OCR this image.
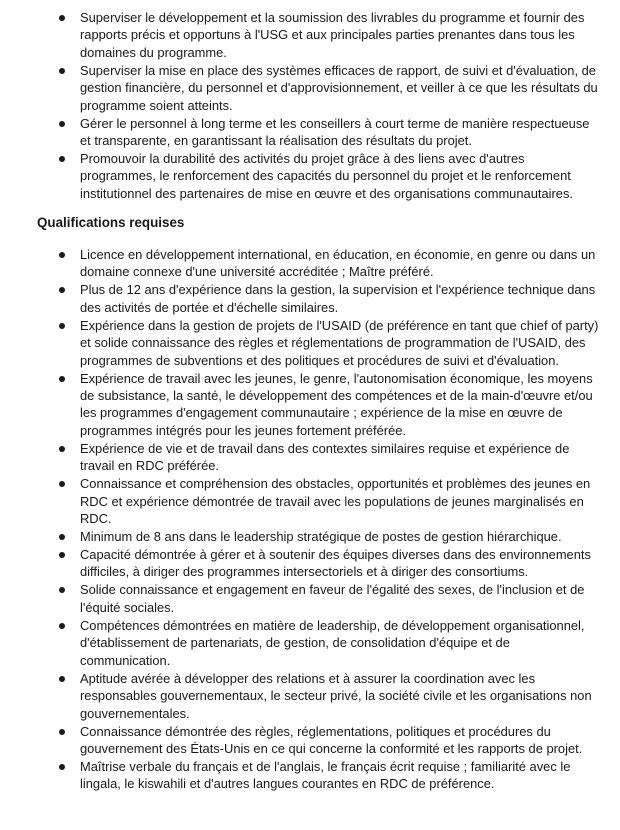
Superviser le développement et la soumission des livrables du programme et fournir des rapports précis et opportuns à l'USG et aux principales parties prenantes dans tous les domaines du programme.
Superviser la mise en place des systèmes efficaces de rapport, de suivi et d'évaluation, de gestion financière, du personnel et d'approvisionnement, et veiller à ce que les résultats du programme soient atteints.
Gérer le personnel à long terme et les conseillers à court terme de manière respectueuse et transparente, en garantissant la réalisation des résultats du projet.
Promouvoir la durabilité des activités du projet grâce à des liens avec d'autres programmes, le renforcement des capacités du personnel du projet et le renforcement institutionnel des partenaires de mise en œuvre et des organisations communautaires.
Qualifications requises
Licence en développement international, en éducation, en économie, en genre ou dans un domaine connexe d'une université accréditée ; Maître préféré.
Plus de 12 ans d'expérience dans la gestion, la supervision et l'expérience technique dans des activités de portée et d'échelle similaires.
Expérience dans la gestion de projets de l'USAID (de préférence en tant que chief of party) et solide connaissance des règles et réglementations de programmation de l'USAID, des programmes de subventions et des politiques et procédures de suivi et d'évaluation.
Expérience de travail avec les jeunes, le genre, l'autonomisation économique, les moyens de subsistance, la santé, le développement des compétences et de la main-d'œuvre et/ou les programmes d'engagement communautaire ; expérience de la mise en œuvre de programmes intégrés pour les jeunes fortement préférée.
Expérience de vie et de travail dans des contextes similaires requise et expérience de travail en RDC préférée.
Connaissance et compréhension des obstacles, opportunités et problèmes des jeunes en RDC et expérience démontrée de travail avec les populations de jeunes marginalisés en RDC.
Minimum de 8 ans dans le leadership stratégique de postes de gestion hiérarchique.
Capacité démontrée à gérer et à soutenir des équipes diverses dans des environnements difficiles, à diriger des programmes intersectoriels et à diriger des consortiums.
Solide connaissance et engagement en faveur de l'égalité des sexes, de l'inclusion et de l'équité sociales.
Compétences démontrées en matière de leadership, de développement organisationnel, d'établissement de partenariats, de gestion, de consolidation d'équipe et de communication.
Aptitude avérée à développer des relations et à assurer la coordination avec les responsables gouvernementaux, le secteur privé, la société civile et les organisations non gouvernementales.
Connaissance démontrée des règles, réglementations, politiques et procédures du gouvernement des États-Unis en ce qui concerne la conformité et les rapports de projet.
Maîtrise verbale du français et de l'anglais, le français écrit requise ; familiarité avec le lingala, le kiswahili et d'autres langues courantes en RDC de préférence.
